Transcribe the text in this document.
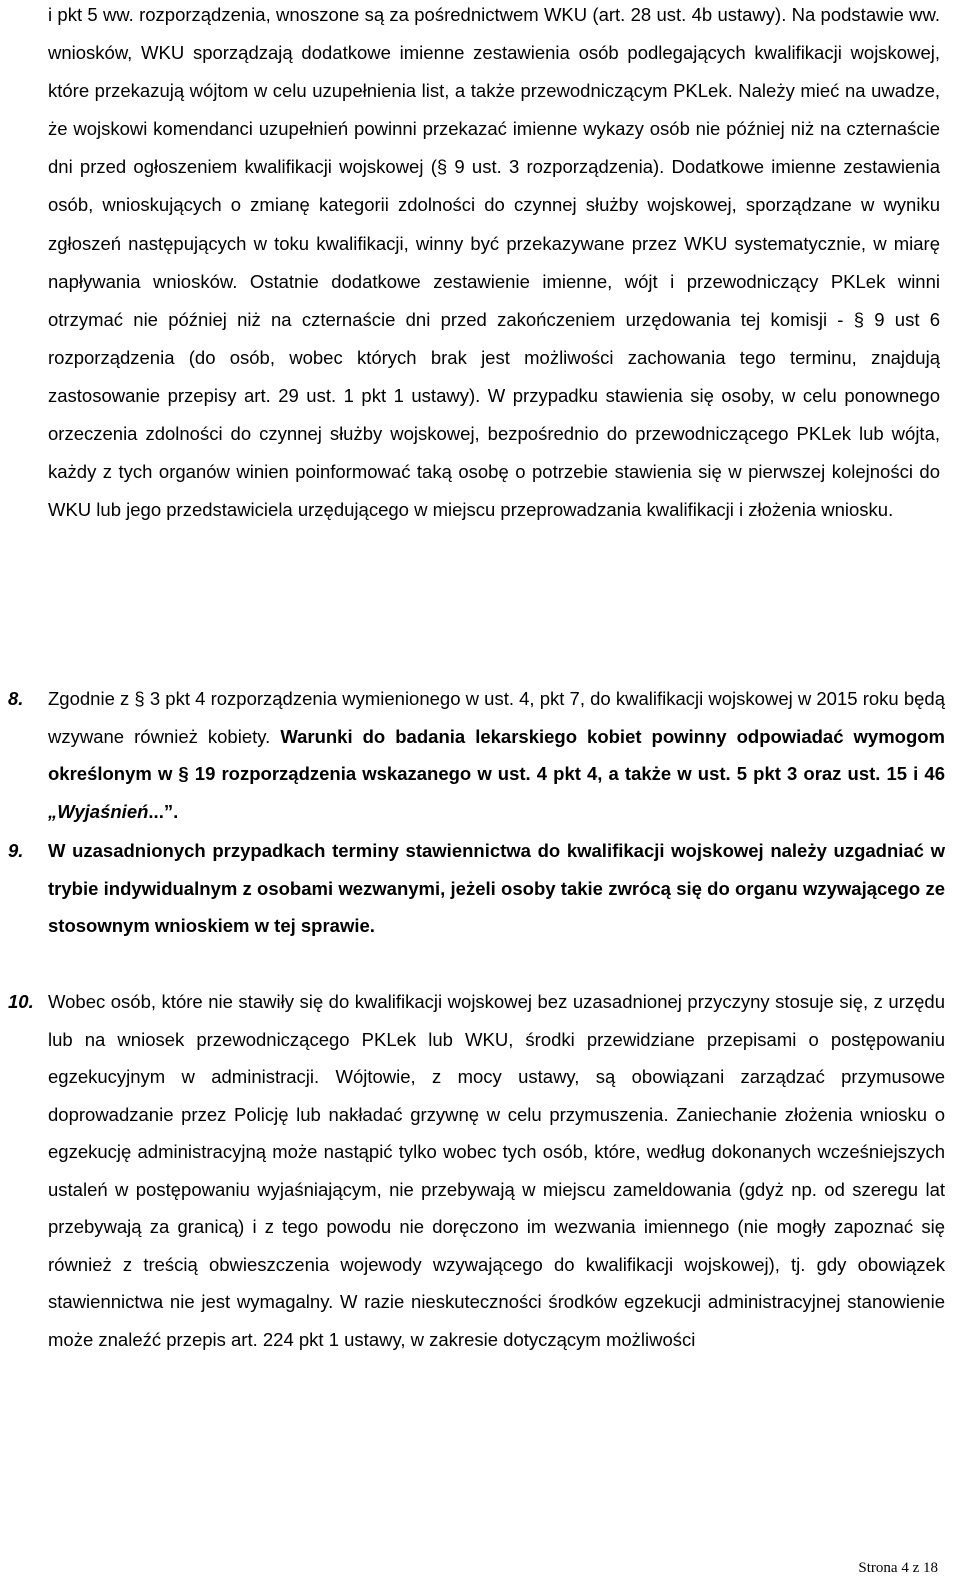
i pkt 5 ww. rozporządzenia, wnoszone są za pośrednictwem WKU (art. 28 ust. 4b ustawy). Na podstawie ww. wniosków, WKU sporządzają dodatkowe imienne zestawienia osób podlegających kwalifikacji wojskowej, które przekazują wójtom w celu uzupełnienia list, a także przewodniczącym PKLek. Należy mieć na uwadze, że wojskowi komendanci uzupełnień powinni przekazać imienne wykazy osób nie później niż na czternaście dni przed ogłoszeniem kwalifikacji wojskowej (§ 9 ust. 3 rozporządzenia). Dodatkowe imienne zestawienia osób, wnioskujących o zmianę kategorii zdolności do czynnej służby wojskowej, sporządzane w wyniku zgłoszeń następujących w toku kwalifikacji, winny być przekazywane przez WKU systematycznie, w miarę napływania wniosków. Ostatnie dodatkowe zestawienie imienne, wójt i przewodniczący PKLek winni otrzymać nie później niż na czternaście dni przed zakończeniem urzędowania tej komisji - § 9 ust 6 rozporządzenia (do osób, wobec których brak jest możliwości zachowania tego terminu, znajdują zastosowanie przepisy art. 29 ust. 1 pkt 1 ustawy). W przypadku stawienia się osoby, w celu ponownego orzeczenia zdolności do czynnej służby wojskowej, bezpośrednio do przewodniczącego PKLek lub wójta, każdy z tych organów winien poinformować taką osobę o potrzebie stawienia się w pierwszej kolejności do WKU lub jego przedstawiciela urzędującego w miejscu przeprowadzania kwalifikacji i złożenia wniosku.

8. Zgodnie z § 3 pkt 4 rozporządzenia wymienionego w ust. 4, pkt 7, do kwalifikacji wojskowej w 2015 roku będą wzywane również kobiety. Warunki do badania lekarskiego kobiet powinny odpowiadać wymogom określonym w § 19 rozporządzenia wskazanego w ust. 4 pkt 4, a także w ust. 5 pkt 3 oraz ust. 15 i 46 „Wyjaśnień...”.
9. W uzasadnionych przypadkach terminy stawiennictwa do kwalifikacji wojskowej należy uzgadniać w trybie indywidualnym z osobami wezwanymi, jeżeli osoby takie zwrócą się do organu wzywającego ze stosownym wnioskiem w tej sprawie.
10. Wobec osób, które nie stawiły się do kwalifikacji wojskowej bez uzasadnionej przyczyny stosuje się, z urzędu lub na wniosek przewodniczącego PKLek lub WKU, środki przewidziane przepisami o postępowaniu egzekucyjnym w administracji. Wójtowie, z mocy ustawy, są obowiązani zarządzać przymusowe doprowadzanie przez Policję lub nakładać grzywnę w celu przymuszenia. Zaniechanie złożenia wniosku o egzekucję administracyjną może nastąpić tylko wobec tych osób, które, według dokonanych wcześniejszych ustaleń w postępowaniu wyjaśniającym, nie przebywają w miejscu zameldowania (gdyż np. od szeregu lat przebywają za granicą) i z tego powodu nie doręczono im wezwania imiennego (nie mogły zapoznać się również z treścią obwieszczenia wojewody wzywającego do kwalifikacji wojskowej), tj. gdy obowiązek stawiennictwa nie jest wymagalny. W razie nieskuteczności środków egzekucji administracyjnej stanowienie może znaleźć przepis art. 224 pkt 1 ustawy, w zakresie dotyczącym możliwości
Strona 4 z 18
